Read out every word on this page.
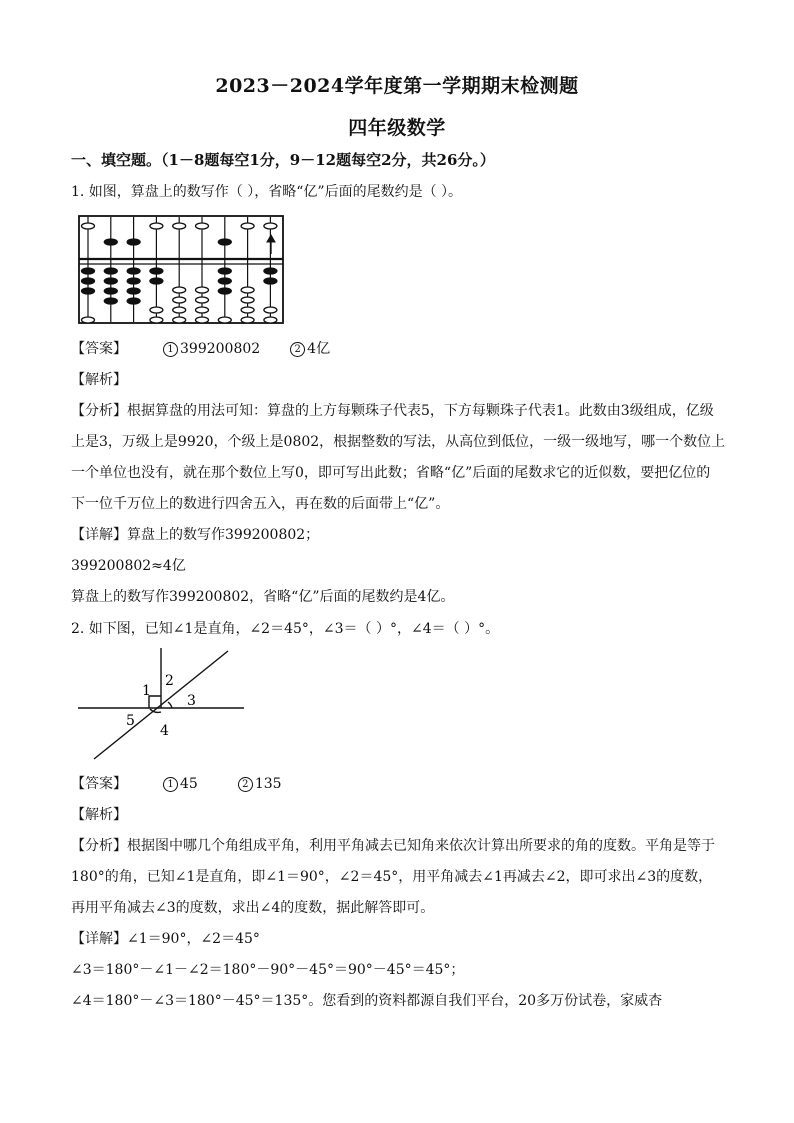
2023－2024学年度第一学期期末检测题
四年级数学
一、填空题。（1－8题每空1分，9－12题每空2分，共26分。）
1. 如图，算盘上的数写作（ ），省略“亿”后面的尾数约是（ ）。
【答案】	1 399200802	2 4亿
【解析】
【分析】根据算盘的用法可知：算盘的上方每颗珠子代表5，下方每颗珠子代表1。此数由3级组成，亿级
上是3，万级上是9920，个级上是0802，根据整数的写法，从高位到低位，一级一级地写，哪一个数位上
一个单位也没有，就在那个数位上写0，即可写出此数；省略“亿”后面的尾数求它的近似数，要把亿位的
下一位千万位上的数进行四舍五入，再在数的后面带上“亿”。
【详解】算盘上的数写作399200802；
399200802≈4亿
算盘上的数写作399200802，省略“亿”后面的尾数约是4亿。
2. 如下图，已知∠1是直角，∠2＝45°，∠3＝（ ）°，∠4＝（ ）°。
1
2
3
4
5
【答案】	1 45	2 135
【解析】
【分析】根据图中哪几个角组成平角，利用平角减去已知角来依次计算出所要求的角的度数。平角是等于
180°的角，已知∠1是直角，即∠1＝90°，∠2＝45°，用平角减去∠1再减去∠2，即可求出∠3的度数，
再用平角减去∠3的度数，求出∠4的度数，据此解答即可。
【详解】∠1＝90°，∠2＝45°
∠3＝180°－∠1－∠2＝180°－90°－45°＝90°－45°＝45°；
∠4＝180°－∠3＝180°－45°＝135°。您看到的资料都源自我们平台，20多万份试卷，家威杏
